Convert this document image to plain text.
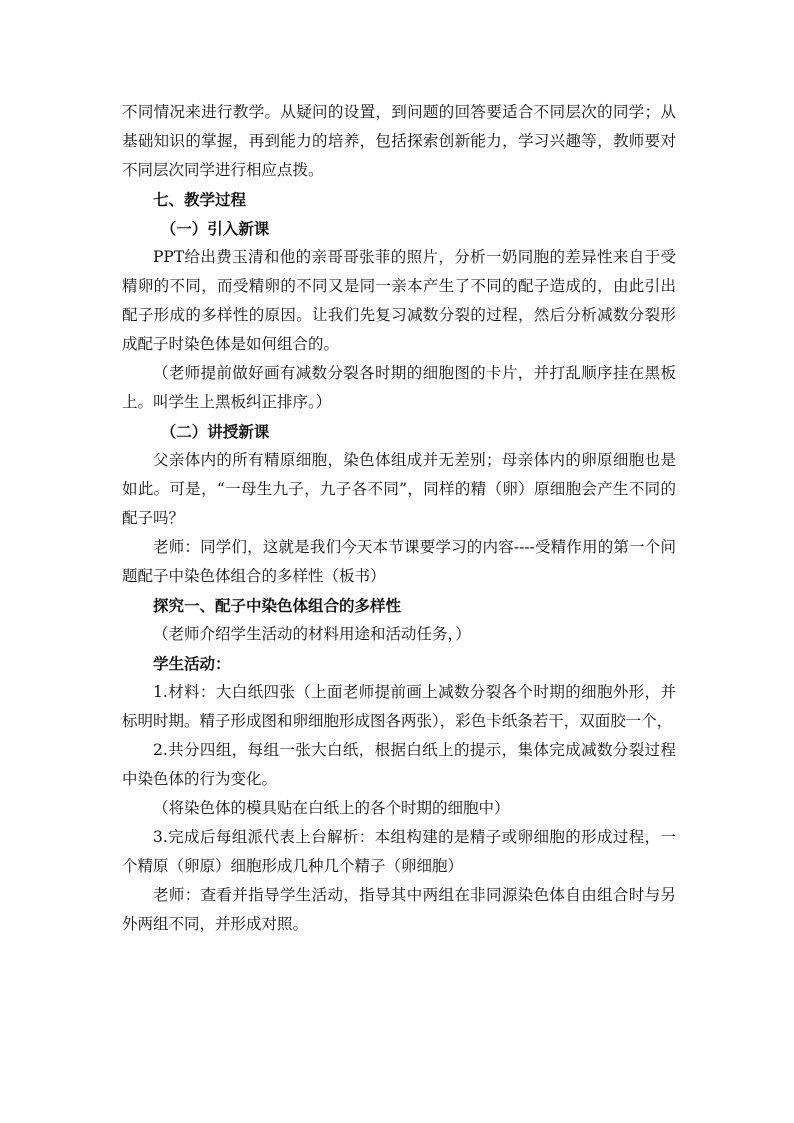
不同情况来进行教学。从疑问的设置，到问题的回答要适合不同层次的同学；从基础知识的掌握，再到能力的培养，包括探索创新能力，学习兴趣等，教师要对不同层次同学进行相应点拨。

七、教学过程

（一）引入新课

PPT给出费玉清和他的亲哥哥张菲的照片，分析一奶同胞的差异性来自于受精卵的不同，而受精卵的不同又是同一亲本产生了不同的配子造成的，由此引出配子形成的多样性的原因。让我们先复习减数分裂的过程，然后分析减数分裂形成配子时染色体是如何组合的。

（老师提前做好画有减数分裂各时期的细胞图的卡片，并打乱顺序挂在黑板上。叫学生上黑板纠正排序。）

（二）讲授新课

父亲体内的所有精原细胞，染色体组成并无差别；母亲体内的卵原细胞也是如此。可是，“一母生九子，九子各不同”，同样的精（卵）原细胞会产生不同的配子吗？

老师：同学们，这就是我们今天本节课要学习的内容----受精作用的第一个问题配子中染色体组合的多样性（板书）

探究一、配子中染色体组合的多样性

（老师介绍学生活动的材料用途和活动任务，）

学生活动：

1.材料：大白纸四张（上面老师提前画上减数分裂各个时期的细胞外形，并标明时期。精子形成图和卵细胞形成图各两张），彩色卡纸条若干，双面胶一个，

2.共分四组，每组一张大白纸，根据白纸上的提示，集体完成减数分裂过程中染色体的行为变化。

（将染色体的模具贴在白纸上的各个时期的细胞中）

3.完成后每组派代表上台解析：本组构建的是精子或卵细胞的形成过程，一个精原（卵原）细胞形成几种几个精子（卵细胞）

老师：查看并指导学生活动，指导其中两组在非同源染色体自由组合时与另外两组不同，并形成对照。
